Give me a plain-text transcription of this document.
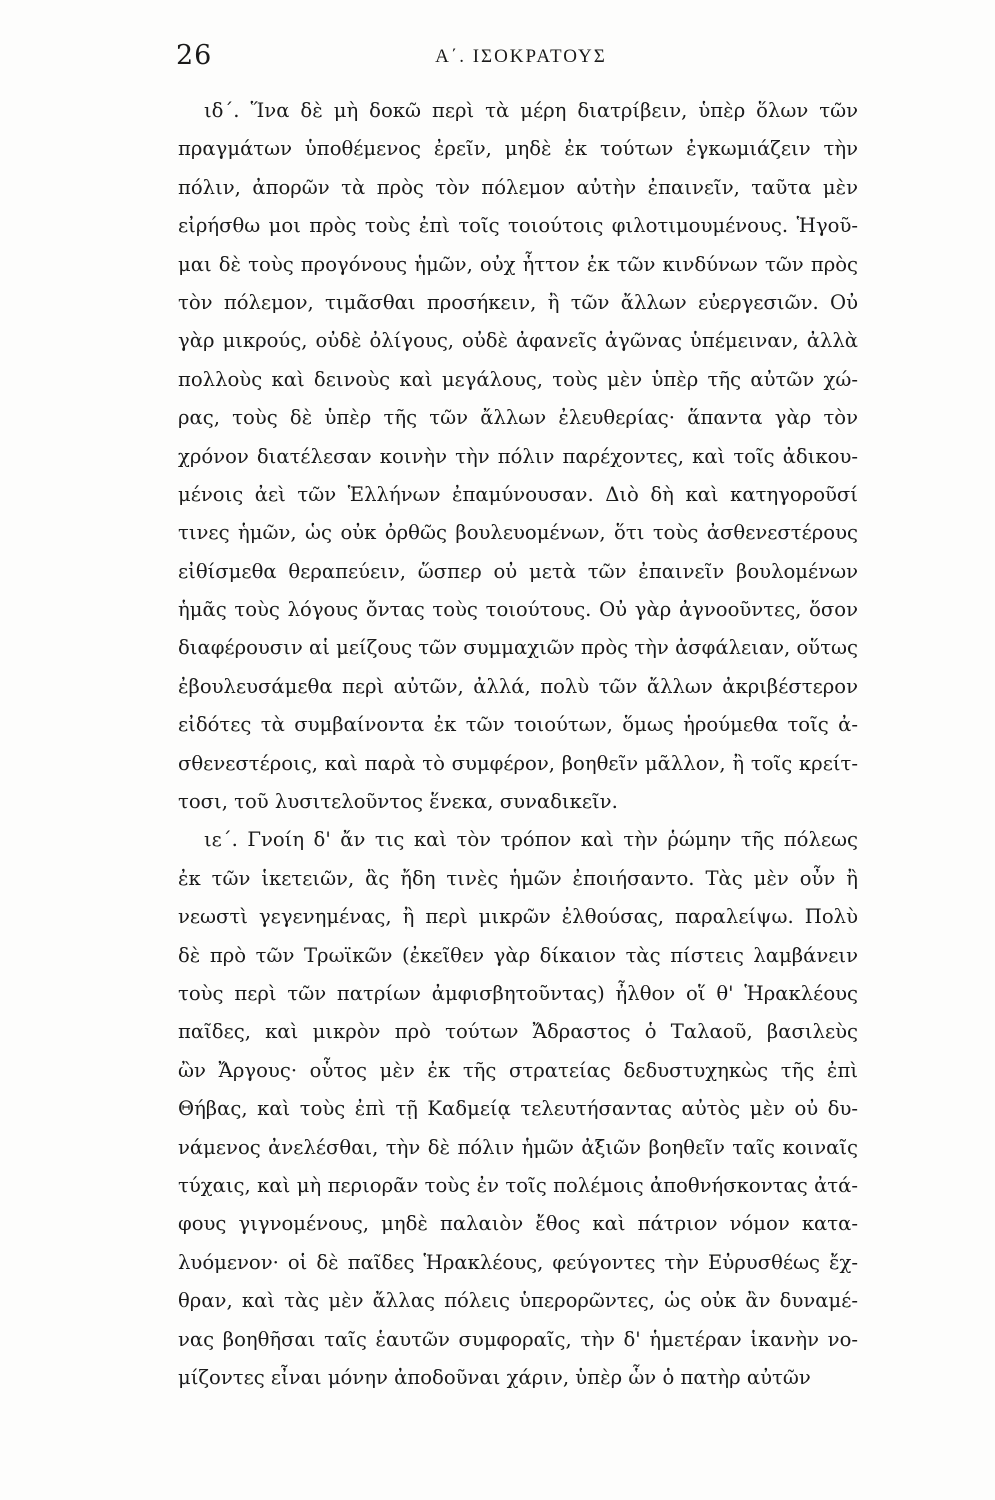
26	Α΄. ΙΣΟΚΡΑΤΟΥΣ
ιδ΄. Ἵνα δὲ μὴ δοκῶ περὶ τὰ μέρη διατρίβειν, ὑπὲρ ὅλων τῶν
πραγμάτων ὑποθέμενος ἐρεῖν, μηδὲ ἐκ τούτων ἐγκωμιάζειν τὴν
πόλιν, ἀπορῶν τὰ πρὸς τὸν πόλεμον αὐτὴν ἐπαινεῖν, ταῦτα μὲν
εἰρήσθω μοι πρὸς τοὺς ἐπὶ τοῖς τοιούτοις φιλοτιμουμένους. Ἡγοῦ-
μαι δὲ τοὺς προγόνους ἡμῶν, οὐχ ἧττον ἐκ τῶν κινδύνων τῶν πρὸς
τὸν πόλεμον, τιμᾶσθαι προσήκειν, ἢ τῶν ἄλλων εὐεργεσιῶν. Οὐ
γὰρ μικρούς, οὐδὲ ὀλίγους, οὐδὲ ἀφανεῖς ἀγῶνας ὑπέμειναν, ἀλλὰ
πολλοὺς καὶ δεινοὺς καὶ μεγάλους, τοὺς μὲν ὑπὲρ τῆς αὐτῶν χώ-
ρας, τοὺς δὲ ὑπὲρ τῆς τῶν ἄλλων ἐλευθερίας· ἅπαντα γὰρ τὸν
χρόνον διατέλεσαν κοινὴν τὴν πόλιν παρέχοντες, καὶ τοῖς ἀδικου-
μένοις ἀεὶ τῶν Ἑλλήνων ἐπαμύνουσαν. Διὸ δὴ καὶ κατηγοροῦσί
τινες ἡμῶν, ὡς οὐκ ὀρθῶς βουλευομένων, ὅτι τοὺς ἀσθενεστέρους
εἰθίσμεθα θεραπεύειν, ὥσπερ οὐ μετὰ τῶν ἐπαινεῖν βουλομένων
ἡμᾶς τοὺς λόγους ὄντας τοὺς τοιούτους. Οὐ γὰρ ἀγνοοῦντες, ὅσον
διαφέρουσιν αἱ μείζους τῶν συμμαχιῶν πρὸς τὴν ἀσφάλειαν, οὕτως
ἐβουλευσάμεθα περὶ αὐτῶν, ἀλλά, πολὺ τῶν ἄλλων ἀκριβέστερον
εἰδότες τὰ συμβαίνοντα ἐκ τῶν τοιούτων, ὅμως ἡρούμεθα τοῖς ἀ-
σθενεστέροις, καὶ παρὰ τὸ συμφέρον, βοηθεῖν μᾶλλον, ἢ τοῖς κρείτ-
τοσι, τοῦ λυσιτελοῦντος ἕνεκα, συναδικεῖν.
ιε΄. Γνοίη δ' ἄν τις καὶ τὸν τρόπον καὶ τὴν ῥώμην τῆς πόλεως
ἐκ τῶν ἱκετειῶν, ἃς ἤδη τινὲς ἡμῶν ἐποιήσαντο. Τὰς μὲν οὖν ἢ
νεωστὶ γεγενημένας, ἢ περὶ μικρῶν ἐλθούσας, παραλείψω. Πολὺ
δὲ πρὸ τῶν Τρωϊκῶν (ἐκεῖθεν γὰρ δίκαιον τὰς πίστεις λαμβάνειν
τοὺς περὶ τῶν πατρίων ἀμφισβητοῦντας) ἦλθον οἵ θ' Ἡρακλέους
παῖδες, καὶ μικρὸν πρὸ τούτων Ἄδραστος ὁ Ταλαοῦ, βασιλεὺς
ὢν Ἄργους· οὗτος μὲν ἐκ τῆς στρατείας δεδυστυχηκὼς τῆς ἐπὶ
Θήβας, καὶ τοὺς ἐπὶ τῇ Καδμείᾳ τελευτήσαντας αὐτὸς μὲν οὐ δυ-
νάμενος ἀνελέσθαι, τὴν δὲ πόλιν ἡμῶν ἀξιῶν βοηθεῖν ταῖς κοιναῖς
τύχαις, καὶ μὴ περιορᾶν τοὺς ἐν τοῖς πολέμοις ἀποθνήσκοντας ἀτά-
φους γιγνομένους, μηδὲ παλαιὸν ἔθος καὶ πάτριον νόμον κατα-
λυόμενον· οἱ δὲ παῖδες Ἡρακλέους, φεύγοντες τὴν Εὐρυσθέως ἔχ-
θραν, καὶ τὰς μὲν ἄλλας πόλεις ὑπερορῶντες, ὡς οὐκ ἂν δυναμέ-
νας βοηθῆσαι ταῖς ἑαυτῶν συμφοραῖς, τὴν δ' ἡμετέραν ἱκανὴν νο-
μίζοντες εἶναι μόνην ἀποδοῦναι χάριν, ὑπὲρ ὧν ὁ πατὴρ αὐτῶν
